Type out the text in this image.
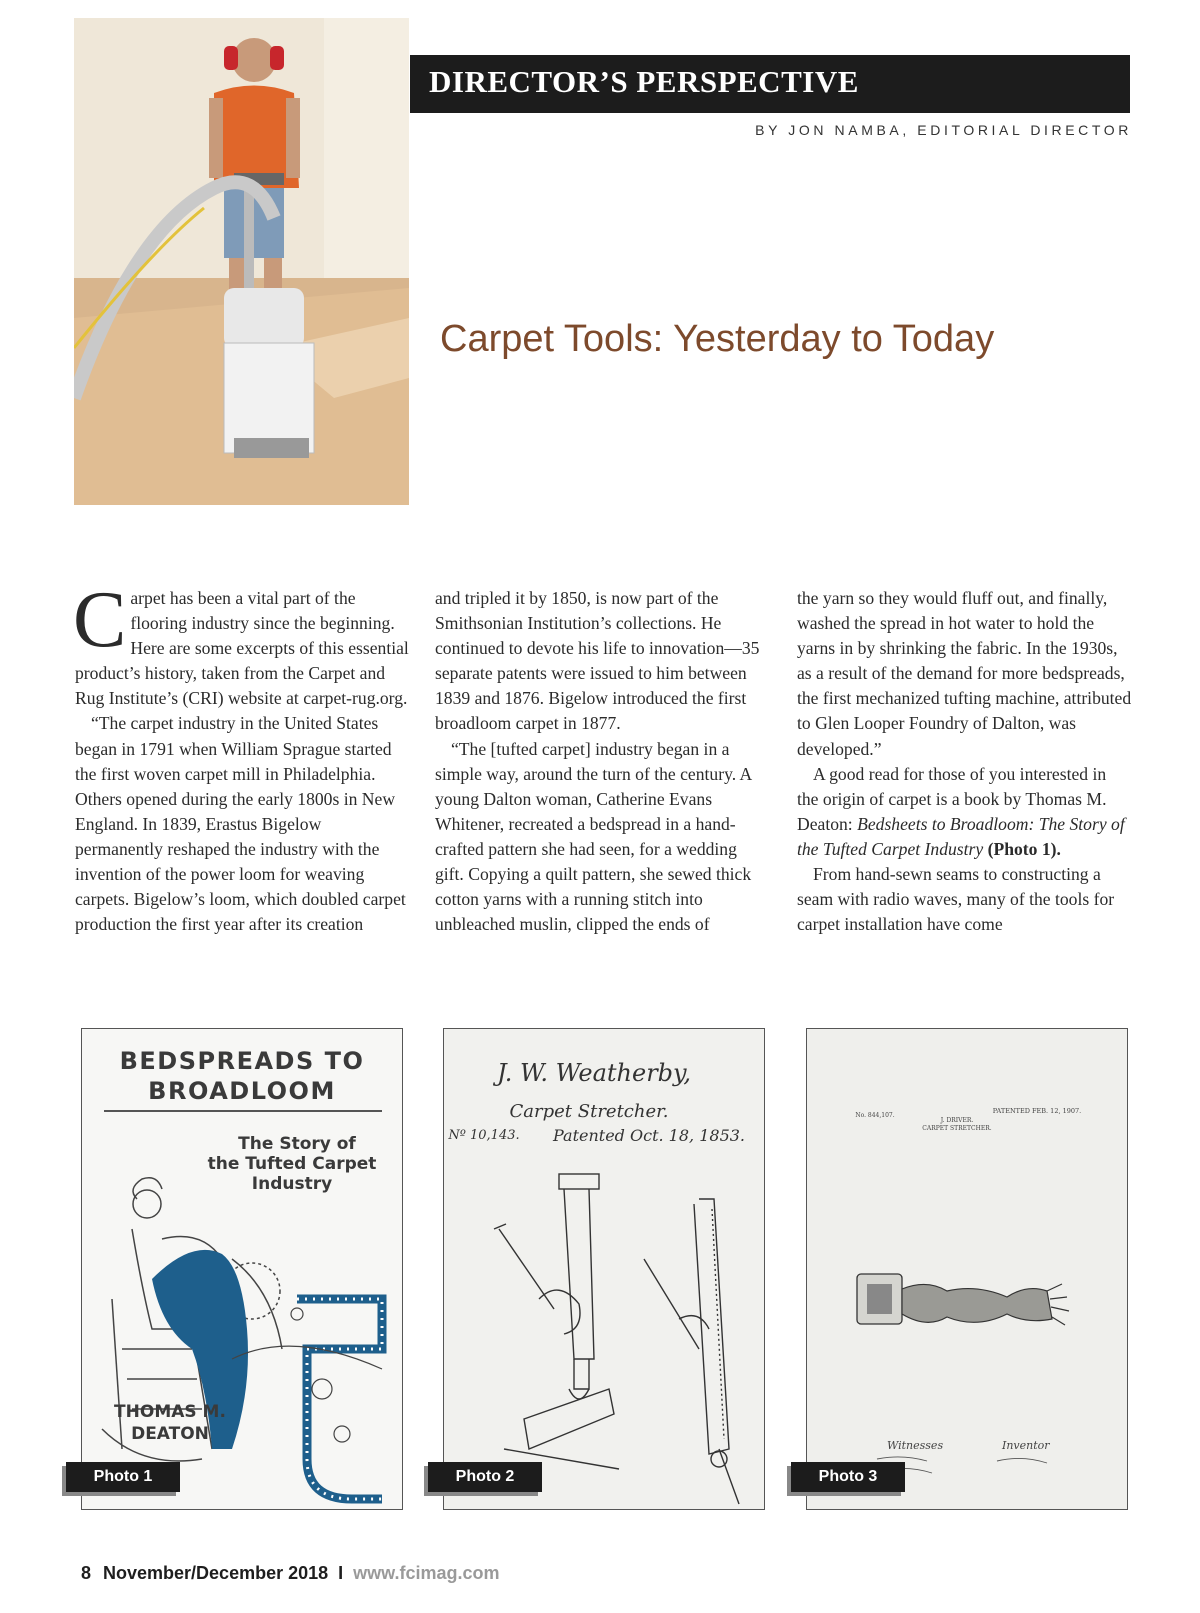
DIRECTOR’S PERSPECTIVE
BY JON NAMBA, EDITORIAL DIRECTOR
Carpet Tools: Yesterday to Today

Carpet has been a vital part of the flooring industry since the beginning. Here are some excerpts of this essential product’s history, taken from the Carpet and Rug Institute’s (CRI) website at carpet-rug.org.

“The carpet industry in the United States began in 1791 when William Sprague started the first woven carpet mill in Philadelphia. Others opened during the early 1800s in New England. In 1839, Erastus Bigelow permanently reshaped the industry with the invention of the power loom for weaving carpets. Bigelow’s loom, which doubled carpet production the first year after its creation

and tripled it by 1850, is now part of the Smithsonian Institution’s collections. He continued to devote his life to innovation—35 separate patents were issued to him between 1839 and 1876. Bigelow introduced the first broadloom carpet in 1877.

“The [tufted carpet] industry began in a simple way, around the turn of the century. A young Dalton woman, Catherine Evans Whitener, recreated a bedspread in a hand-crafted pattern she had seen, for a wedding gift. Copying a quilt pattern, she sewed thick cotton yarns with a running stitch into unbleached muslin, clipped the ends of

the yarn so they would fluff out, and finally, washed the spread in hot water to hold the yarns in by shrinking the fabric. In the 1930s, as a result of the demand for more bedspreads, the first mechanized tufting machine, attributed to Glen Looper Foundry of Dalton, was developed.”

A good read for those of you interested in the origin of carpet is a book by Thomas M. Deaton: Bedsheets to Broadloom: The Story of the Tufted Carpet Industry (Photo 1).

From hand-sewn seams to constructing a seam with radio waves, many of the tools for carpet installation have come

BEDSPREADS TO
BROADLOOM
The Story of
the Tufted Carpet
Industry
THOMAS M.
DEATON
J. W. Weatherby,
Carpet Stretcher.
Nº 10,143. Patented Oct. 18, 1853.
PATENTED FEB. 12, 1907.
No. 844,107.
J. DRIVER.
CARPET STRETCHER.
Witnesses	Inventor
Photo 1	Photo 2	Photo 3
8 November/December 2018 I www.fcimag.com
